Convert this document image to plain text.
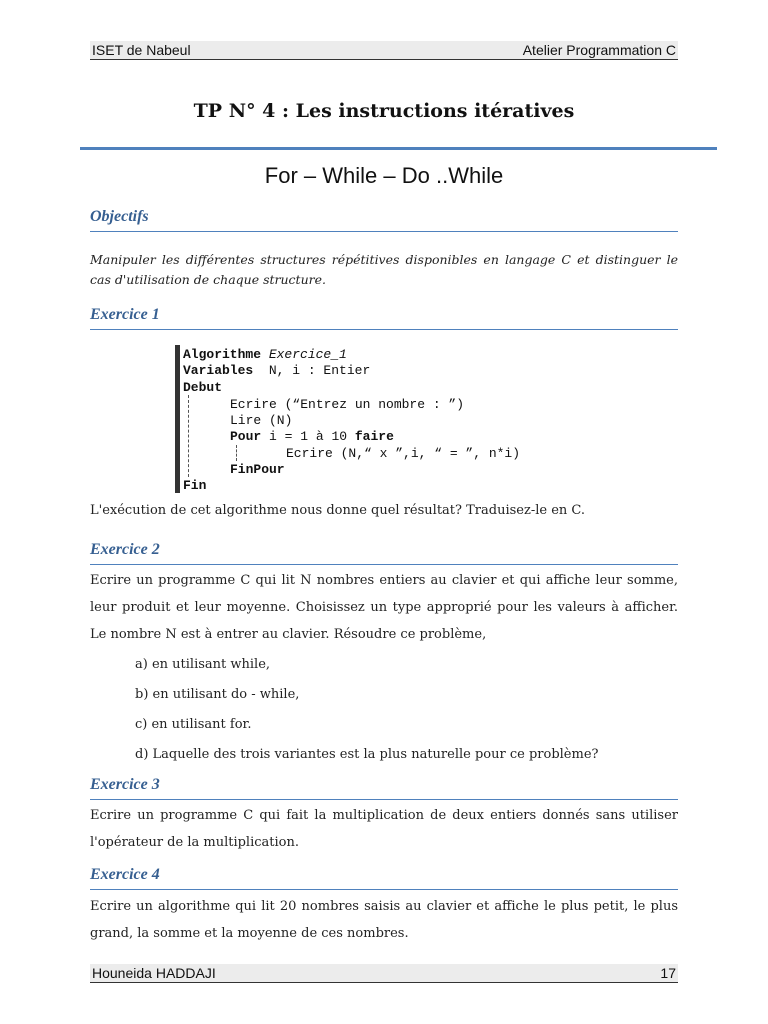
ISET de Nabeul	Atelier Programmation C
TP N° 4 : Les instructions itératives
For – While – Do ..While
Objectifs
Manipuler les différentes structures répétitives disponibles en langage C et distinguer le cas d'utilisation de chaque structure.
Exercice 1
Algorithme Exercice_1
Variables N, i : Entier
Debut
Ecrire (“Entrez un nombre : ”)
Lire (N)
Pour i = 1 à 10 faire
Ecrire (N,“ x ”,i, “ = ”, n*i)
FinPour
Fin
L'exécution de cet algorithme nous donne quel résultat? Traduisez-le en C.
Exercice 2
Ecrire un programme C qui lit N nombres entiers au clavier et qui affiche leur somme, leur produit et leur moyenne. Choisissez un type approprié pour les valeurs à afficher. Le nombre N est à entrer au clavier. Résoudre ce problème,
a) en utilisant while,
b) en utilisant do - while,
c) en utilisant for.
d) Laquelle des trois variantes est la plus naturelle pour ce problème?
Exercice 3
Ecrire un programme C qui fait la multiplication de deux entiers donnés sans utiliser l'opérateur de la multiplication.
Exercice 4
Ecrire un algorithme qui lit 20 nombres saisis au clavier et affiche le plus petit, le plus grand, la somme et la moyenne de ces nombres.
Houneida HADDAJI	17
